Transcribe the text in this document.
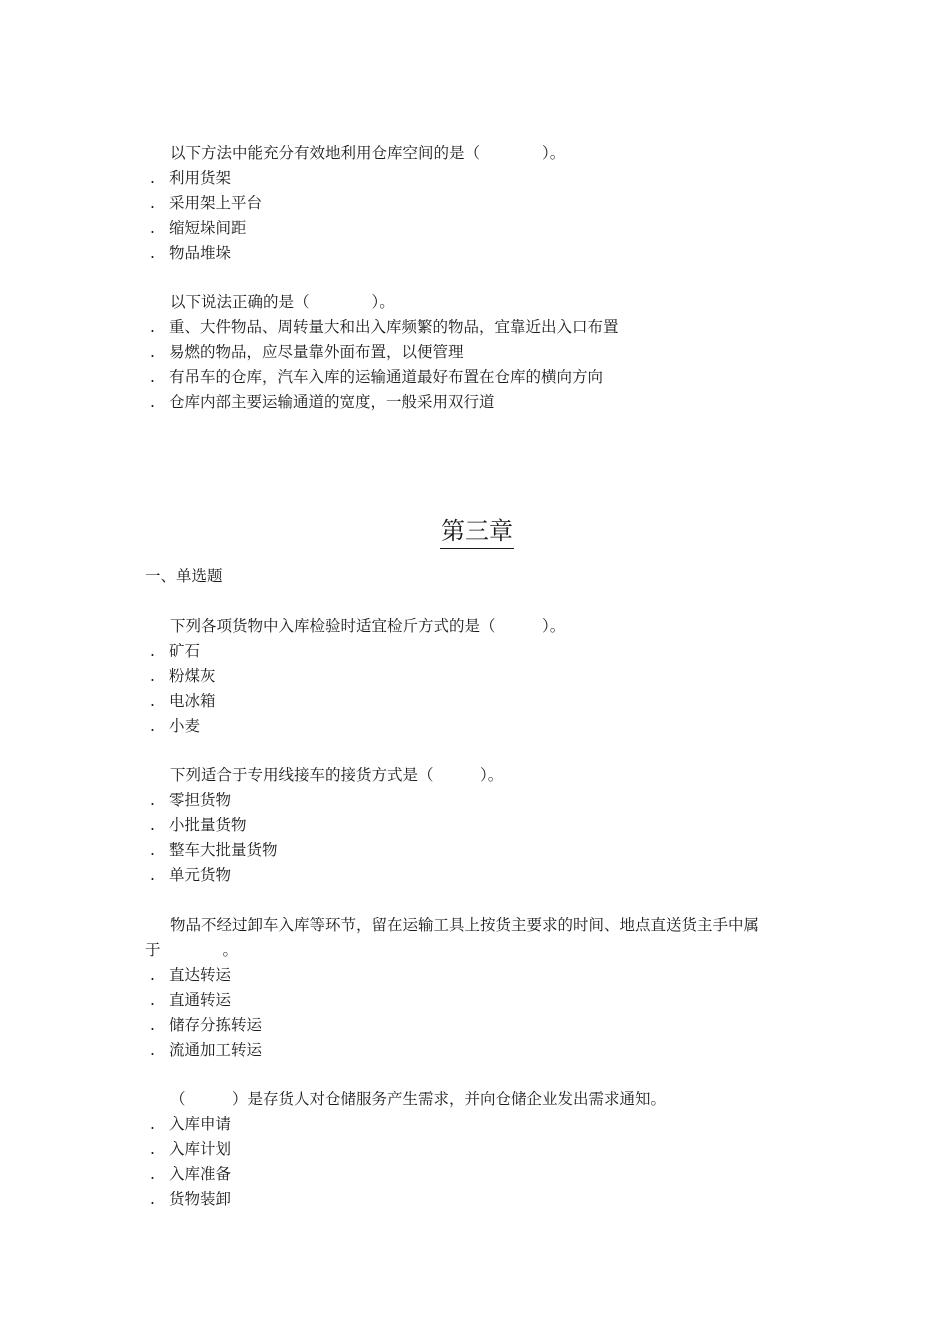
以下方法中能充分有效地利用仓库空间的是（　　　　）。
. 利用货架
. 采用架上平台
. 缩短垛间距
. 物品堆垛
以下说法正确的是（　　　　）。
. 重、大件物品、周转量大和出入库频繁的物品，宜靠近出入口布置
. 易燃的物品，应尽量靠外面布置，以便管理
. 有吊车的仓库，汽车入库的运输通道最好布置在仓库的横向方向
. 仓库内部主要运输通道的宽度，一般采用双行道
第三章
一、单选题
下列各项货物中入库检验时适宜检斤方式的是（　　　）。
. 矿石
. 粉煤灰
. 电冰箱
. 小麦
下列适合于专用线接车的接货方式是（　　　）。
. 零担货物
. 小批量货物
. 整车大批量货物
. 单元货物
物品不经过卸车入库等环节，留在运输工具上按货主要求的时间、地点直送货主手中属
于　　　　。
. 直达转运
. 直通转运
. 储存分拣转运
. 流通加工转运
（　　　）是存货人对仓储服务产生需求，并向仓储企业发出需求通知。
. 入库申请
. 入库计划
. 入库准备
. 货物装卸
